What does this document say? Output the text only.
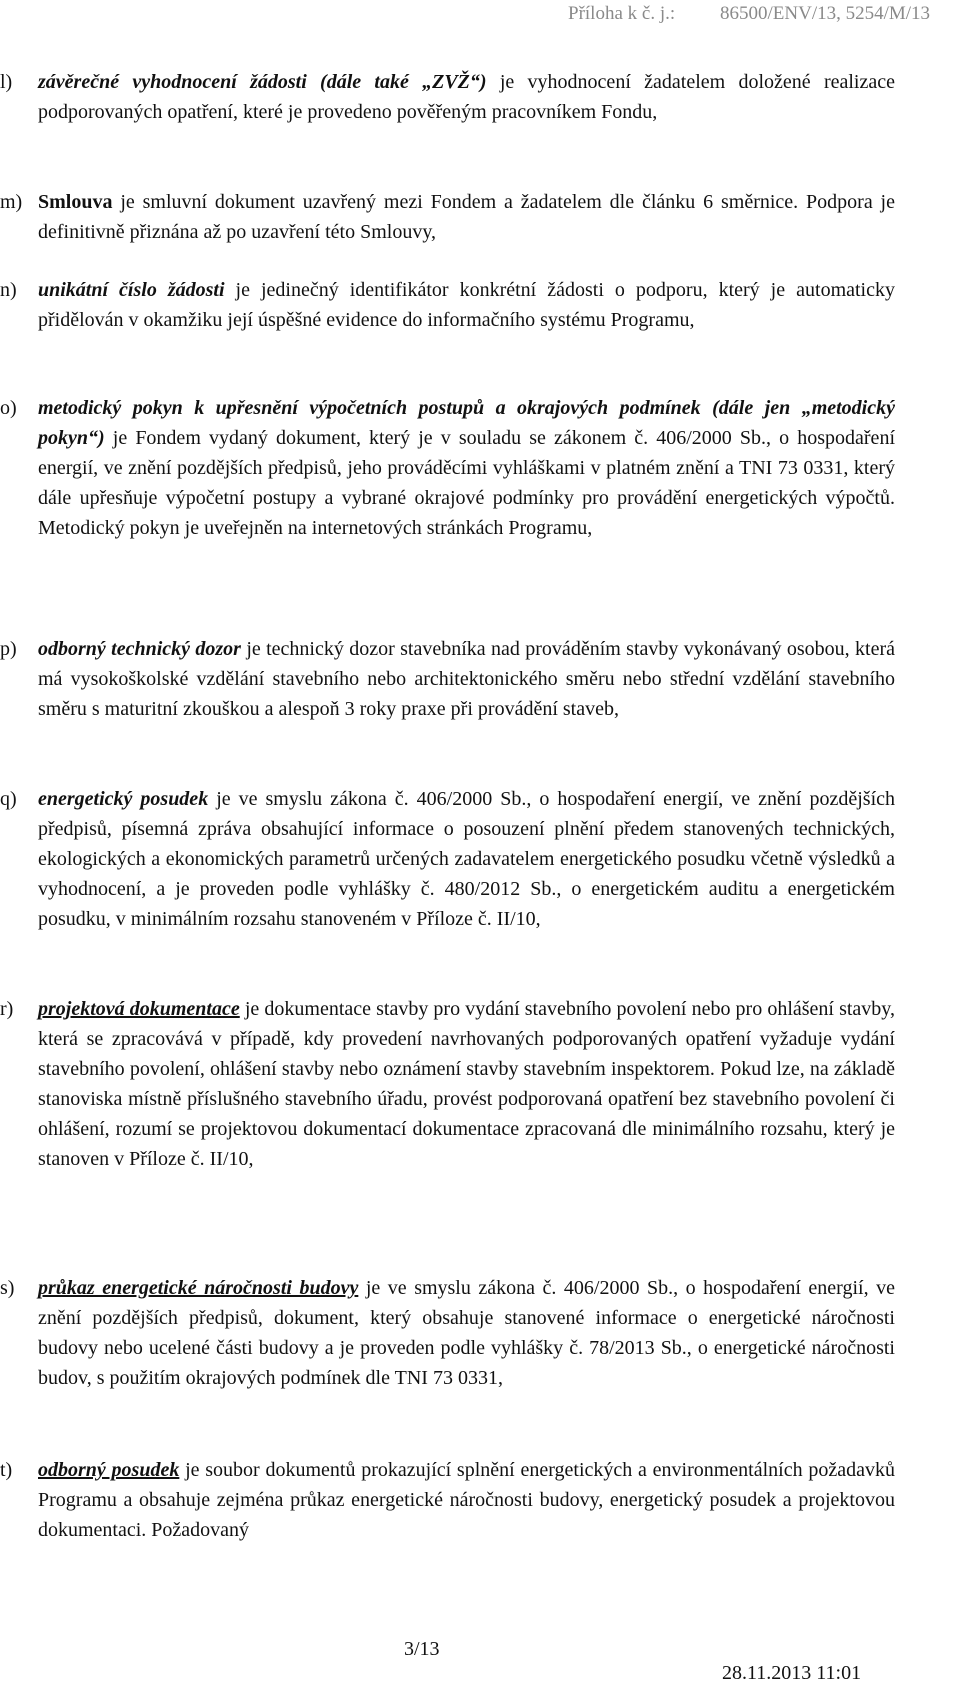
Příloha k č. j.: 86500/ENV/13, 5254/M/13
l) závěrečné vyhodnocení žádosti (dále také „ZVŽ“) je vyhodnocení žadatelem doložené realizace podporovaných opatření, které je provedeno pověřeným pracovníkem Fondu,
m) Smlouva je smluvní dokument uzavřený mezi Fondem a žadatelem dle článku 6 směrnice. Podpora je definitivně přiznána až po uzavření této Smlouvy,
n) unikátní číslo žádosti je jedinečný identifikátor konkrétní žádosti o podporu, který je automaticky přidělován v okamžiku její úspěšné evidence do informačního systému Programu,
o) metodický pokyn k upřesnění výpočetních postupů a okrajových podmínek (dále jen „metodický pokyn“) je Fondem vydaný dokument, který je v souladu se zákonem č. 406/2000 Sb., o hospodaření energií, ve znění pozdějších předpisů, jeho prováděcími vyhláškami v platném znění a TNI 73 0331, který dále upřesňuje výpočetní postupy a vybrané okrajové podmínky pro provádění energetických výpočtů. Metodický pokyn je uveřejněn na internetových stránkách Programu,
p) odborný technický dozor je technický dozor stavebníka nad prováděním stavby vykonávaný osobou, která má vysokoškolské vzdělání stavebního nebo architektonického směru nebo střední vzdělání stavebního směru s maturitní zkouškou a alespoň 3 roky praxe při provádění staveb,
q) energetický posudek je ve smyslu zákona č. 406/2000 Sb., o hospodaření energií, ve znění pozdějších předpisů, písemná zpráva obsahující informace o posouzení plnění předem stanovených technických, ekologických a ekonomických parametrů určených zadavatelem energetického posudku včetně výsledků a vyhodnocení, a je proveden podle vyhlášky č. 480/2012 Sb., o energetickém auditu a energetickém posudku, v minimálním rozsahu stanoveném v Příloze č. II/10,
r) projektová dokumentace je dokumentace stavby pro vydání stavebního povolení nebo pro ohlášení stavby, která se zpracovává v případě, kdy provedení navrhovaných podporovaných opatření vyžaduje vydání stavebního povolení, ohlášení stavby nebo oznámení stavby stavebním inspektorem. Pokud lze, na základě stanoviska místně příslušného stavebního úřadu, provést podporovaná opatření bez stavebního povolení či ohlášení, rozumí se projektovou dokumentací dokumentace zpracovaná dle minimálního rozsahu, který je stanoven v Příloze č. II/10,
s) průkaz energetické náročnosti budovy je ve smyslu zákona č. 406/2000 Sb., o hospodaření energií, ve znění pozdějších předpisů, dokument, který obsahuje stanovené informace o energetické náročnosti budovy nebo ucelené části budovy a je proveden podle vyhlášky č. 78/2013 Sb., o energetické náročnosti budov, s použitím okrajových podmínek dle TNI 73 0331,
t) odborný posudek je soubor dokumentů prokazující splnění energetických a environmentálních požadavků Programu a obsahuje zejména průkaz energetické náročnosti budovy, energetický posudek a projektovou dokumentaci. Požadovaný
3/13
28.11.2013 11:01
